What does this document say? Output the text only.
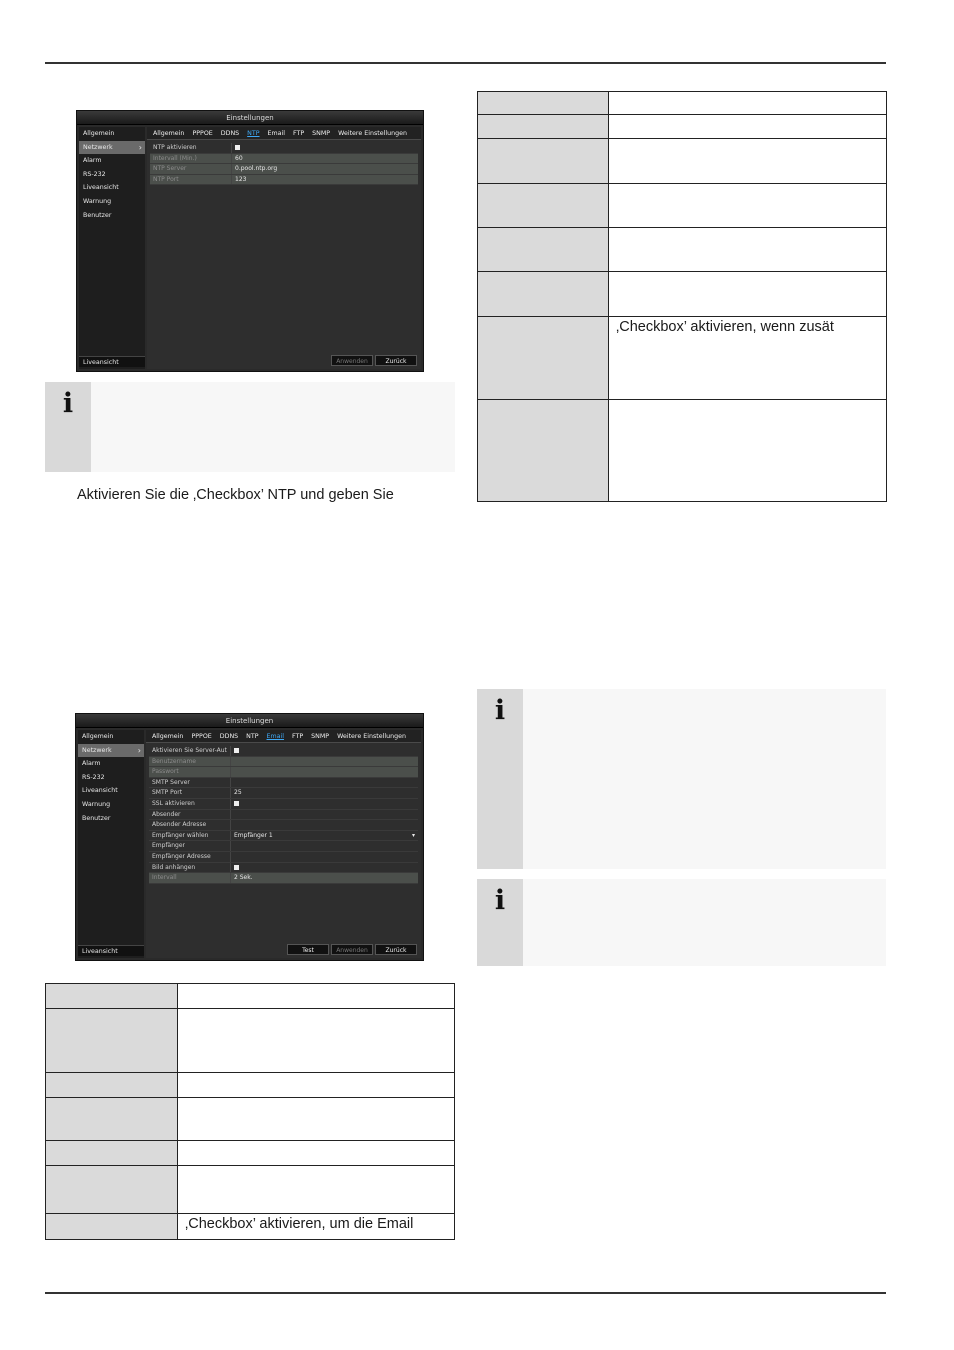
Einstellungen
Allgemein
Netzwerk ›
Alarm
RS-232
Liveansicht
Warnung
Benutzer
Liveansicht
Allgemein	PPPOE	DDNS	NTP	Email	FTP	SNMP	Weitere Einstellungen
NTP aktivieren
Intervall (Min.)	60
NTP Server	0.pool.ntp.org
NTP Port	123
Anwenden	Zurück
i
Aktivieren Sie die ‚Checkbox’ NTP und geben Sie
Einstellungen
Allgemein
Netzwerk ›
Alarm
RS-232
Liveansicht
Warnung
Benutzer
Liveansicht
Allgemein	PPPOE	DDNS	NTP	Email	FTP	SNMP	Weitere Einstellungen
Aktivieren Sie Server-Aut
Benutzername
Passwort
SMTP Server
SMTP Port	25
SSL aktivieren
Absender
Absender Adresse
Empfänger wählen	Empfänger 1	▾
Empfänger
Empfänger Adresse
Bild anhängen
Intervall	2 Sek.
Test	Anwenden	Zurück

	‚Checkbox’ aktivieren, wenn zusät

i
i

	‚Checkbox’ aktivieren, um die Email
